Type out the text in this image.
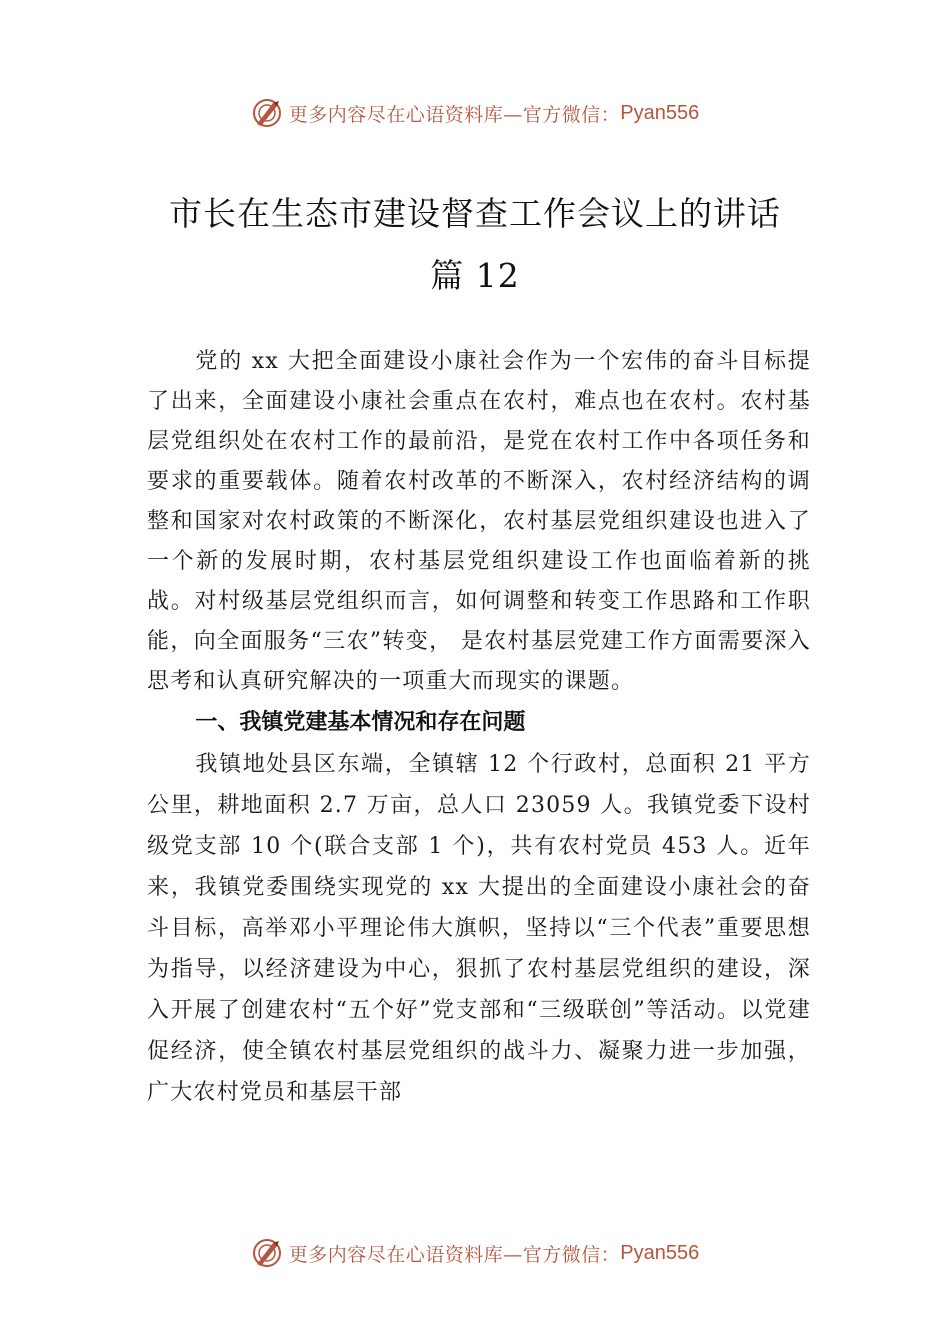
更多内容尽在心语资料库—官方微信： Pyan556
市长在生态市建设督查工作会议上的讲话
篇 12

党的 xx 大把全面建设小康社会作为一个宏伟的奋斗目标提了出来，全面建设小康社会重点在农村，难点也在农村。农村基层党组织处在农村工作的最前沿，是党在农村工作中各项任务和要求的重要载体。随着农村改革的不断深入，农村经济结构的调整和国家对农村政策的不断深化，农村基层党组织建设也进入了一个新的发展时期，农村基层党组织建设工作也面临着新的挑战。对村级基层党组织而言，如何调整和转变工作思路和工作职能，向全面服务“三农”转变， 是农村基层党建工作方面需要深入思考和认真研究解决的一项重大而现实的课题。

一、我镇党建基本情况和存在问题

我镇地处县区东端，全镇辖 12 个行政村，总面积 21 平方公里，耕地面积 2.7 万亩，总人口 23059 人。我镇党委下设村级党支部 10 个(联合支部 1 个)，共有农村党员 453 人。近年来，我镇党委围绕实现党的 xx 大提出的全面建设小康社会的奋斗目标，高举邓小平理论伟大旗帜，坚持以“三个代表”重要思想为指导，以经济建设为中心，狠抓了农村基层党组织的建设，深入开展了创建农村“五个好”党支部和“三级联创”等活动。以党建促经济，使全镇农村基层党组织的战斗力、凝聚力进一步加强，广大农村党员和基层干部

更多内容尽在心语资料库—官方微信： Pyan556
